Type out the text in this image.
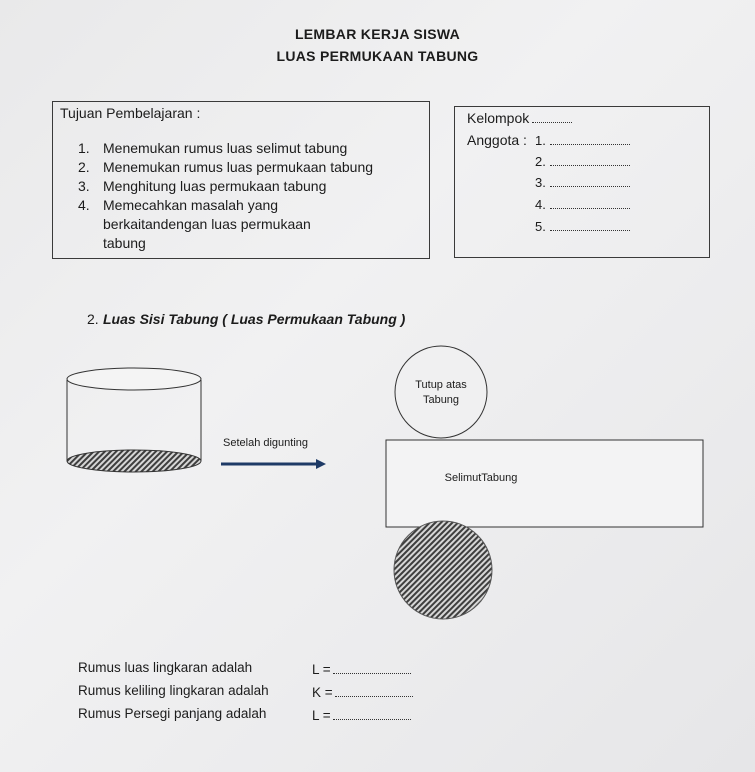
LEMBAR KERJA SISWA
LUAS PERMUKAAN TABUNG
Tujuan Pembelajaran :
1. Menemukan rumus luas selimut tabung
2. Menemukan rumus luas permukaan tabung
3. Menghitung luas permukaan tabung
4. Memecahkan masalah yang
berkaitandengan luas permukaan
tabung
Kelompok
Anggota : 1.
2.
3.
4.
5.
2. Luas Sisi Tabung ( Luas Permukaan Tabung )
Setelah digunting
Tutup atas
Tabung
SelimutTabung
Rumus luas lingkaran adalah	L =
Rumus keliling lingkaran adalah	K =
Rumus Persegi panjang adalah	L =
